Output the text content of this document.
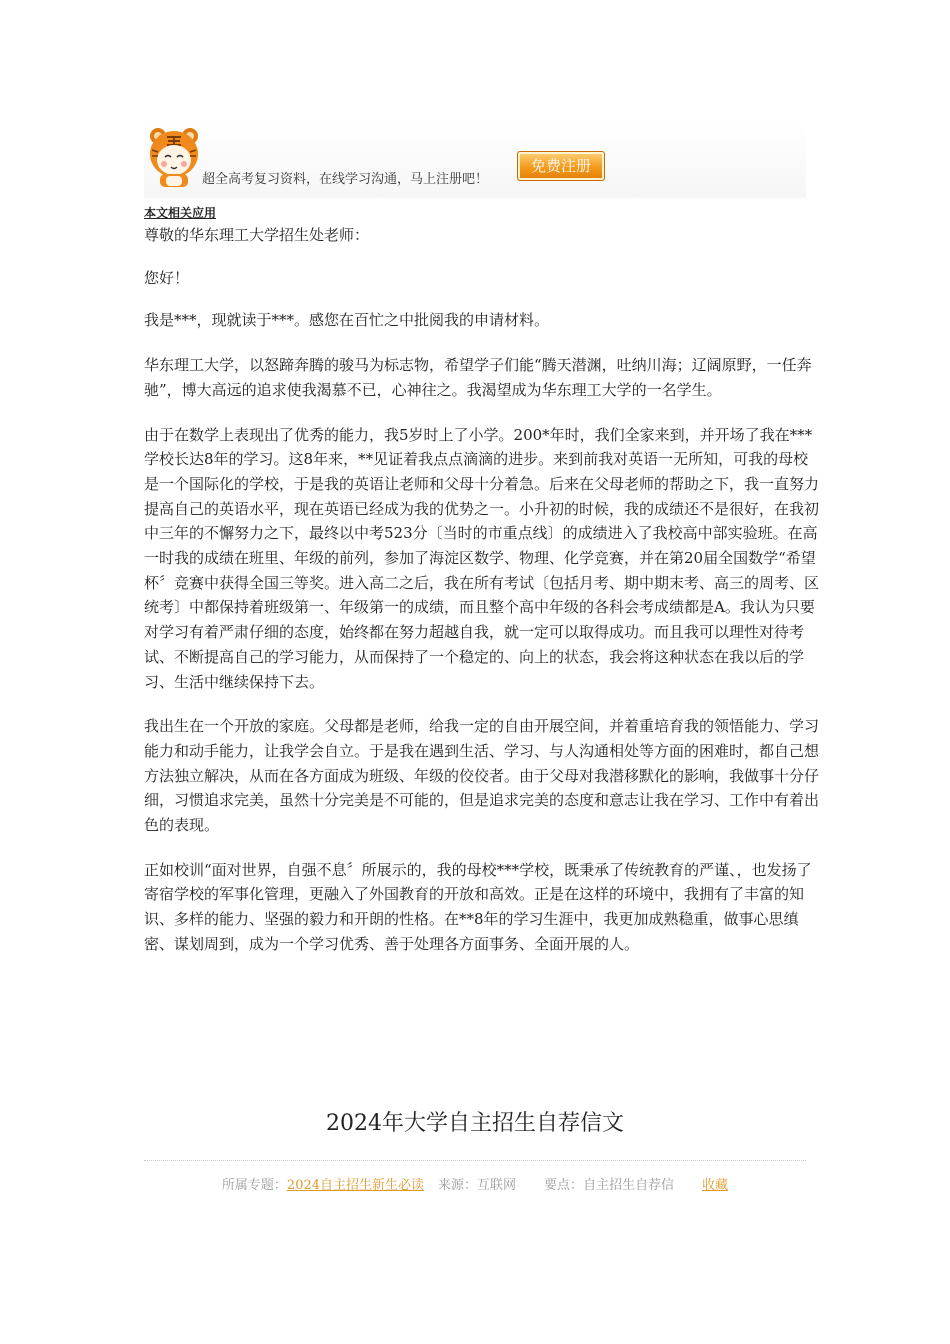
超全高考复习资料，在线学习沟通，马上注册吧！
免费注册
本文相关应用

尊敬的华东理工大学招生处老师：

您好！

我是***，现就读于***。感您在百忙之中批阅我的申请材料。

华东理工大学，以怒蹄奔腾的骏马为标志物，希望学子们能“腾天潜渊，吐纳川海；辽阔原野，一任奔驰”，博大高远的追求使我渴慕不已，心神往之。我渴望成为华东理工大学的一名学生。

由于在数学上表现出了优秀的能力，我5岁时上了小学。200*年时，我们全家来到，并开场了我在***学校长达8年的学习。这8年来，**见证着我点点滴滴的进步。来到前我对英语一无所知，可我的母校是一个国际化的学校，于是我的英语让老师和父母十分着急。后来在父母老师的帮助之下，我一直努力提高自己的英语水平，现在英语已经成为我的优势之一。小升初的时候，我的成绩还不是很好，在我初中三年的不懈努力之下，最终以中考523分〔当时的市重点线〕的成绩进入了我校高中部实验班。在高一时我的成绩在班里、年级的前列，参加了海淀区数学、物理、化学竞赛，并在第20届全国数学“希望杯〞竞赛中获得全国三等奖。进入高二之后，我在所有考试〔包括月考、期中期末考、高三的周考、区统考〕中都保持着班级第一、年级第一的成绩，而且整个高中年级的各科会考成绩都是A。我认为只要对学习有着严肃仔细的态度，始终都在努力超越自我，就一定可以取得成功。而且我可以理性对待考试、不断提高自己的学习能力，从而保持了一个稳定的、向上的状态，我会将这种状态在我以后的学习、生活中继续保持下去。

我出生在一个开放的家庭。父母都是老师，给我一定的自由开展空间，并着重培育我的领悟能力、学习能力和动手能力，让我学会自立。于是我在遇到生活、学习、与人沟通相处等方面的困难时，都自己想方法独立解决，从而在各方面成为班级、年级的佼佼者。由于父母对我潜移默化的影响，我做事十分仔细，习惯追求完美，虽然十分完美是不可能的，但是追求完美的态度和意志让我在学习、工作中有着出色的表现。

正如校训“面对世界，自强不息〞所展示的，我的母校***学校，既秉承了传统教育的严谨、，也发扬了寄宿学校的军事化管理，更融入了外国教育的开放和高效。正是在这样的环境中，我拥有了丰富的知识、多样的能力、坚强的毅力和开朗的性格。在**8年的学习生涯中，我更加成熟稳重，做事心思缜密、谋划周到，成为一个学习优秀、善于处理各方面事务、全面开展的人。

2024年大学自主招生自荐信文
所属专题：2024自主招生新生必读 来源：互联网 要点：自主招生自荐信 收藏
